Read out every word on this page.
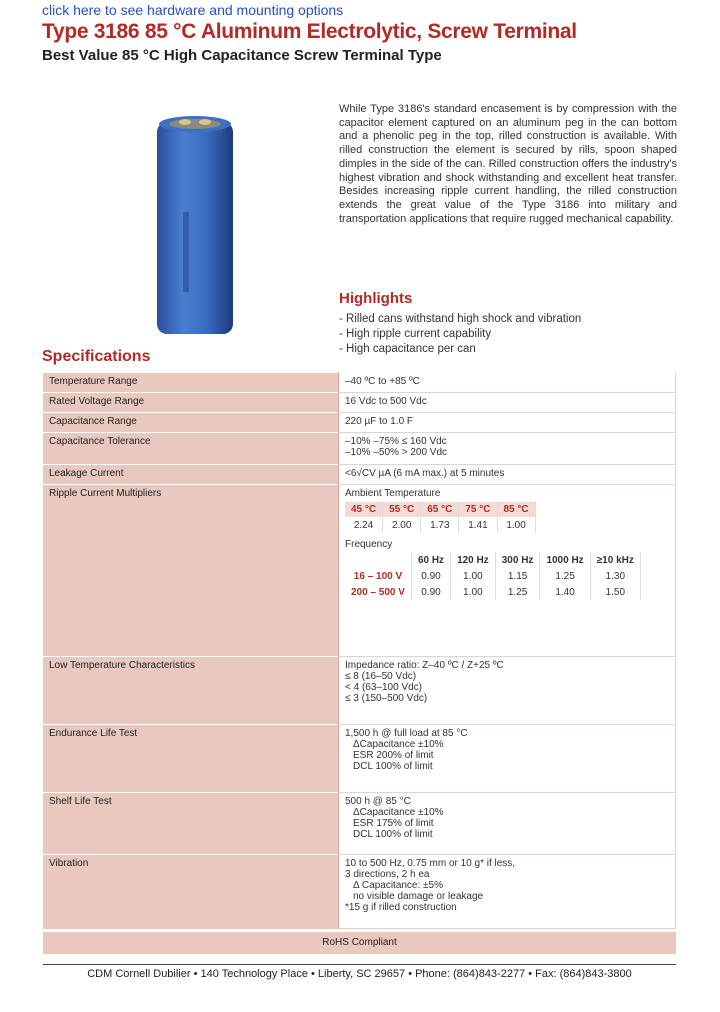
click here to see hardware and mounting options
Type 3186 85 °C Aluminum Electrolytic, Screw Terminal
Best Value 85 °C High Capacitance Screw Terminal Type
While Type 3186's standard encasement is by compression with the capacitor element captured on an aluminum peg in the can bottom and a phenolic peg in the top, rilled construction is available. With rilled construction the element is secured by rills, spoon shaped dimples in the side of the can. Rilled construction offers the industry's highest vibration and shock withstanding and excellent heat transfer. Besides increasing ripple current handling, the rilled construction extends the great value of the Type 3186 into military and transportation applications that require rugged mechanical capability.
Highlights
- Rilled cans withstand high shock and vibration
- High ripple current capability
- High capacitance per can
Specifications
Temperature Range	–40 ºC to +85 ºC
Rated Voltage Range	16 Vdc to 500 Vdc
Capacitance Range	220 µF to 1.0 F
Capacitance Tolerance	–10% –75% ≤ 160 Vdc
–10% –50% > 200 Vdc

Leakage Current	<6√CV µA (6 mA max.) at 5 minutes
Ripple Current Multipliers	Ambient Temperature
45 °C	55 °C	65 °C	75 °C	85 °C
2.24	2.00	1.73	1.41	1.00
Frequency
	60 Hz	120 Hz	300 Hz	1000 Hz	≥10 kHz
16 – 100 V	0.90	1.00	1.15	1.25	1.30
200 – 500 V	0.90	1.00	1.25	1.40	1.50

Low Temperature Characteristics	Impedance ratio: Z–40 ºC / Z+25 ºC
≤ 8 (16–50 Vdc)
< 4 (63–100 Vdc)
≤ 3 (150–500 Vdc)

Endurance Life Test	1,500 h @ full load at 85 °C
ΔCapacitance ±10%
ESR 200% of limit
DCL 100% of limit

Shelf Life Test	500 h @ 85 °C
ΔCapacitance ±10%
ESR 175% of limit
DCL 100% of limit

Vibration	10 to 500 Hz, 0.75 mm or 10 g* if less,
3 directions, 2 h ea
Δ Capacitance: ±5%
no visible damage or leakage
*15 g if rilled construction
RoHS Compliant
CDM Cornell Dubilier • 140 Technology Place • Liberty, SC 29657 • Phone: (864)843-2277 • Fax: (864)843-3800
